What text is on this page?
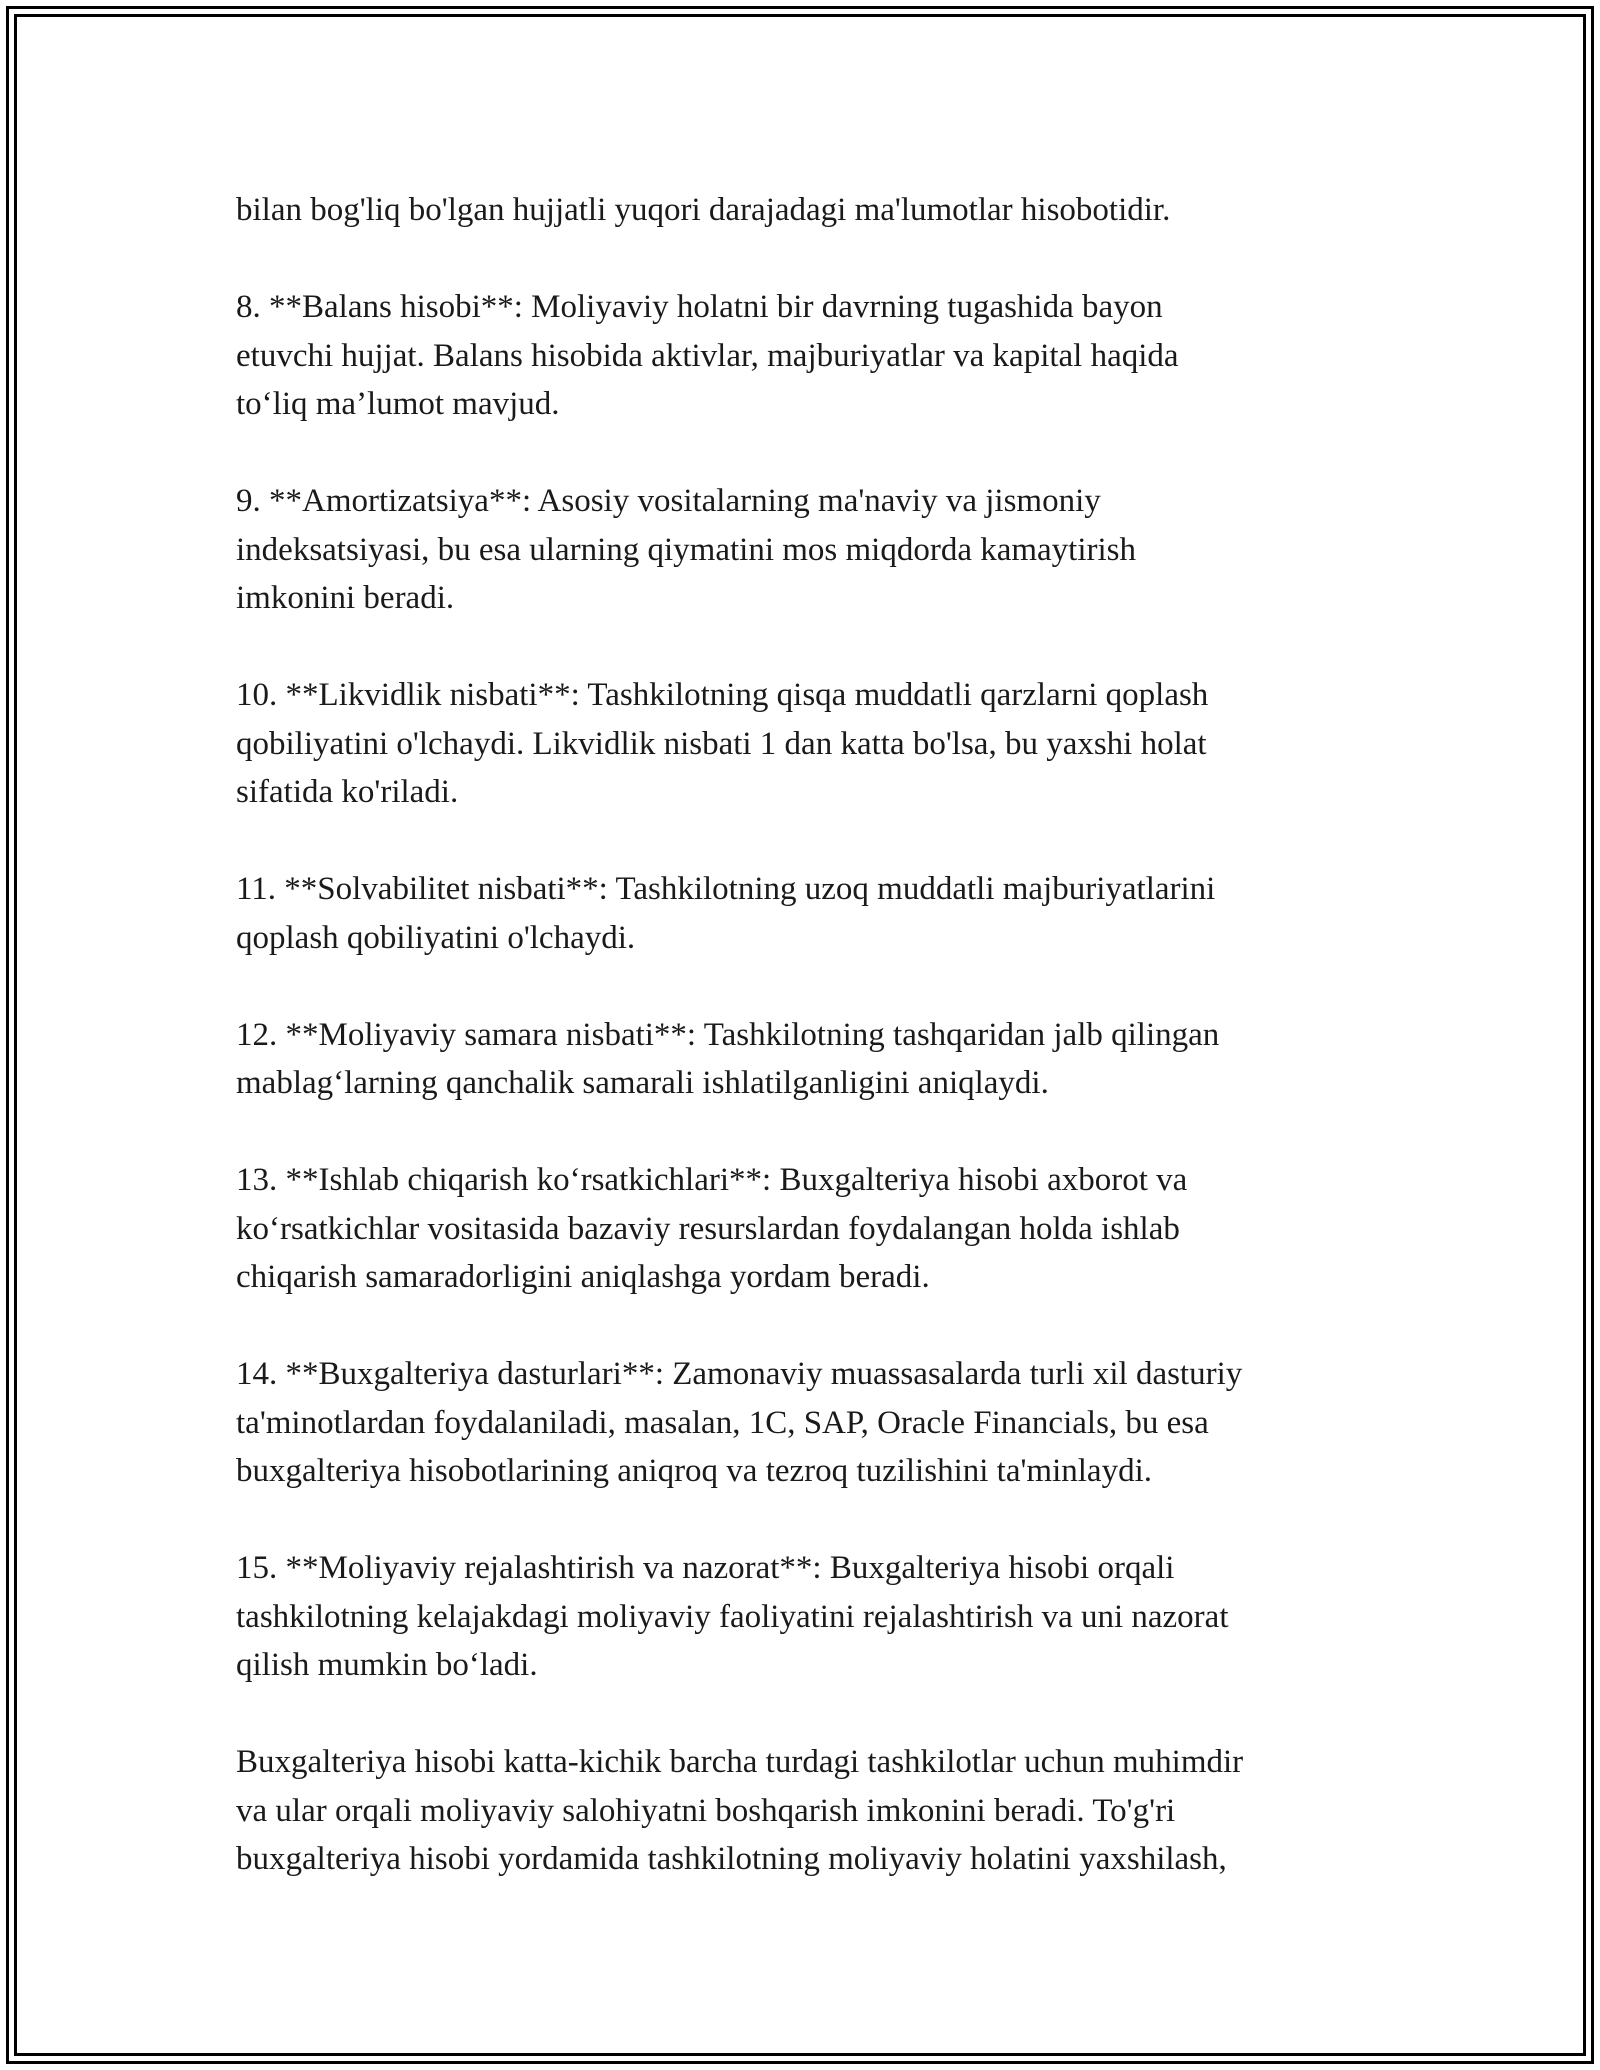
bilan bog'liq bo'lgan hujjatli yuqori darajadagi ma'lumotlar hisobotidir.

8. **Balans hisobi**: Moliyaviy holatni bir davrning tugashida bayon
etuvchi hujjat. Balans hisobida aktivlar, majburiyatlar va kapital haqida
to‘liq ma’lumot mavjud.

9. **Amortizatsiya**: Asosiy vositalarning ma'naviy va jismoniy
indeksatsiyasi, bu esa ularning qiymatini mos miqdorda kamaytirish
imkonini beradi.

10. **Likvidlik nisbati**: Tashkilotning qisqa muddatli qarzlarni qoplash
qobiliyatini o'lchaydi. Likvidlik nisbati 1 dan katta bo'lsa, bu yaxshi holat
sifatida ko'riladi.

11. **Solvabilitet nisbati**: Tashkilotning uzoq muddatli majburiyatlarini
qoplash qobiliyatini o'lchaydi.

12. **Moliyaviy samara nisbati**: Tashkilotning tashqaridan jalb qilingan
mablag‘larning qanchalik samarali ishlatilganligini aniqlaydi.

13. **Ishlab chiqarish ko‘rsatkichlari**: Buxgalteriya hisobi axborot va
ko‘rsatkichlar vositasida bazaviy resurslardan foydalangan holda ishlab
chiqarish samaradorligini aniqlashga yordam beradi.

14. **Buxgalteriya dasturlari**: Zamonaviy muassasalarda turli xil dasturiy
ta'minotlardan foydalaniladi, masalan, 1C, SAP, Oracle Financials, bu esa
buxgalteriya hisobotlarining aniqroq va tezroq tuzilishini ta'minlaydi.

15. **Moliyaviy rejalashtirish va nazorat**: Buxgalteriya hisobi orqali
tashkilotning kelajakdagi moliyaviy faoliyatini rejalashtirish va uni nazorat
qilish mumkin bo‘ladi.

Buxgalteriya hisobi katta-kichik barcha turdagi tashkilotlar uchun muhimdir
va ular orqali moliyaviy salohiyatni boshqarish imkonini beradi. To'g'ri
buxgalteriya hisobi yordamida tashkilotning moliyaviy holatini yaxshilash,
